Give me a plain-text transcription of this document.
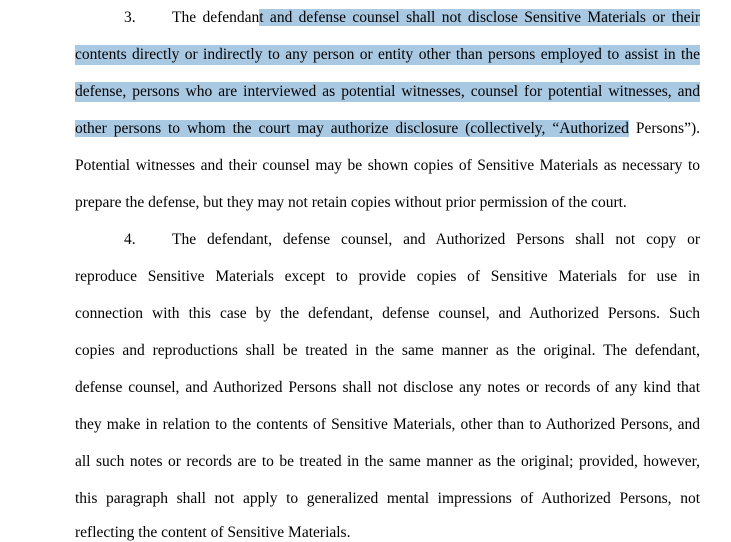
3. The defendant and defense counsel shall not disclose Sensitive Materials or their
contents directly or indirectly to any person or entity other than persons employed to assist in the
defense, persons who are interviewed as potential witnesses, counsel for potential witnesses, and
other persons to whom the court may authorize disclosure (collectively, “Authorized Persons”).
Potential witnesses and their counsel may be shown copies of Sensitive Materials as necessary to
prepare the defense, but they may not retain copies without prior permission of the court.
4. The defendant, defense counsel, and Authorized Persons shall not copy or
reproduce Sensitive Materials except to provide copies of Sensitive Materials for use in
connection with this case by the defendant, defense counsel, and Authorized Persons. Such
copies and reproductions shall be treated in the same manner as the original. The defendant,
defense counsel, and Authorized Persons shall not disclose any notes or records of any kind that
they make in relation to the contents of Sensitive Materials, other than to Authorized Persons, and
all such notes or records are to be treated in the same manner as the original; provided, however,
this paragraph shall not apply to generalized mental impressions of Authorized Persons, not
reflecting the content of Sensitive Materials.
